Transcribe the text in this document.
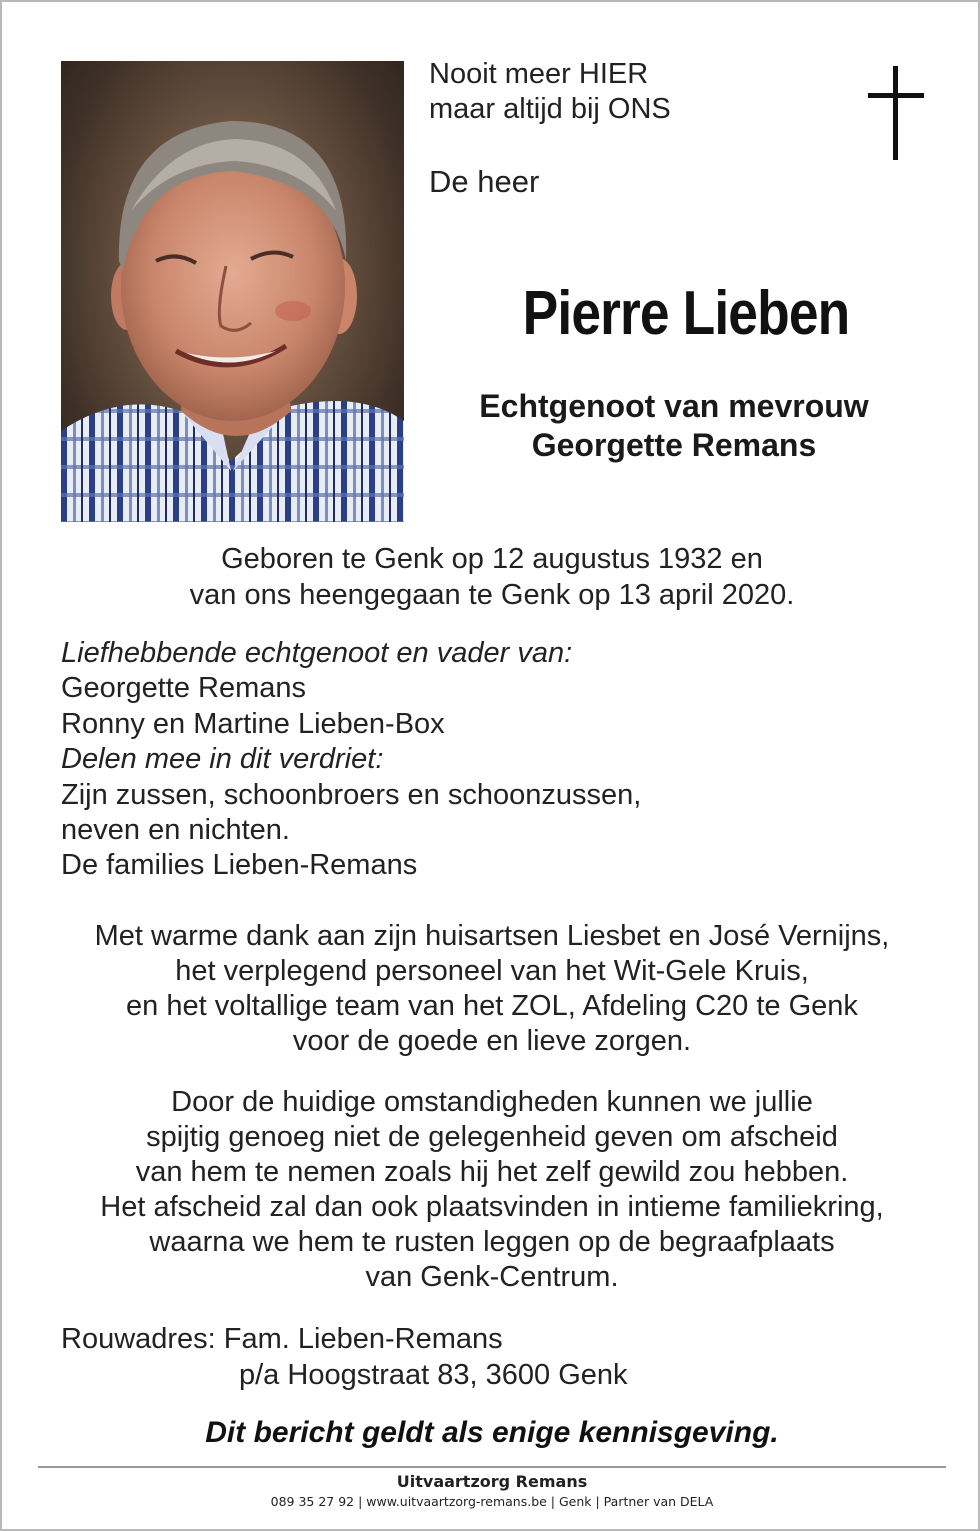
Nooit meer HIER
maar altijd bij ONS
De heer
Pierre Lieben
Echtgenoot van mevrouw
Georgette Remans
Geboren te Genk op 12 augustus 1932 en
van ons heengegaan te Genk op 13 april 2020.
Liefhebbende echtgenoot en vader van:
Georgette Remans
Ronny en Martine Lieben-Box
Delen mee in dit verdriet:
Zijn zussen, schoonbroers en schoonzussen,
neven en nichten.
De families Lieben-Remans
Met warme dank aan zijn huisartsen Liesbet en José Vernijns,
het verplegend personeel van het Wit-Gele Kruis,
en het voltallige team van het ZOL, Afdeling C20 te Genk
voor de goede en lieve zorgen.
Door de huidige omstandigheden kunnen we jullie
spijtig genoeg niet de gelegenheid geven om afscheid
van hem te nemen zoals hij het zelf gewild zou hebben.
Het afscheid zal dan ook plaatsvinden in intieme familiekring,
waarna we hem te rusten leggen op de begraafplaats
van Genk-Centrum.
Rouwadres: Fam. Lieben-Remans
p/a Hoogstraat 83, 3600 Genk
Dit bericht geldt als enige kennisgeving.
Uitvaartzorg Remans
089 35 27 92 | www.uitvaartzorg-remans.be | Genk | Partner van DELA
